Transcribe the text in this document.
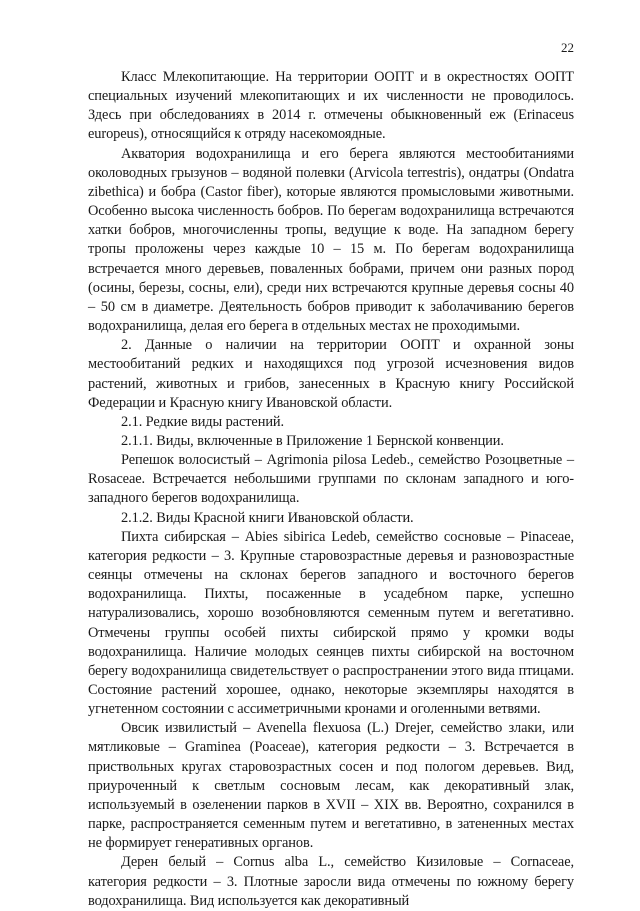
22

Класс Млекопитающие. На территории ООПТ и в окрестностях ООПТ специальных изучений млекопитающих и их численности не проводилось. Здесь при обследованиях в 2014 г. отмечены обыкновенный еж (Erinaceus europeus), относящийся к отряду насекомоядные.

Акватория водохранилища и его берега являются местообитаниями околоводных грызунов – водяной полевки (Arvicola terrestris), ондатры (Ondatra zibethica) и бобра (Castor fiber), которые являются промысловыми животными. Особенно высока численность бобров. По берегам водохранилища встречаются хатки бобров, многочисленны тропы, ведущие к воде. На западном берегу тропы проложены через каждые 10 – 15 м. По берегам водохранилища встречается много деревьев, поваленных бобрами, причем они разных пород (осины, березы, сосны, ели), среди них встречаются крупные деревья сосны 40 – 50 см в диаметре. Деятельность бобров приводит к заболачиванию берегов водохранилища, делая его берега в отдельных местах не проходимыми.

2. Данные о наличии на территории ООПТ и охранной зоны местообитаний редких и находящихся под угрозой исчезновения видов растений, животных и грибов, занесенных в Красную книгу Российской Федерации и Красную книгу Ивановской области.

2.1. Редкие виды растений.

2.1.1. Виды, включенные в Приложение 1 Бернской конвенции.

Репешок волосистый – Agrimonia pilosa Ledeb., семейство Розоцветные – Rosaceae. Встречается небольшими группами по склонам западного и юго-западного берегов водохранилища.

2.1.2. Виды Красной книги Ивановской области.

Пихта сибирская – Abies sibirica Ledeb, семейство сосновые – Pinaceae, категория редкости – 3. Крупные старовозрастные деревья и разновозрастные сеянцы отмечены на склонах берегов западного и восточного берегов водохранилища. Пихты, посаженные в усадебном парке, успешно натурализовались, хорошо возобновляются семенным путем и вегетативно. Отмечены группы особей пихты сибирской прямо у кромки воды водохранилища. Наличие молодых сеянцев пихты сибирской на восточном берегу водохранилища свидетельствует о распространении этого вида птицами. Состояние растений хорошее, однако, некоторые экземпляры находятся в угнетенном состоянии с ассиметричными кронами и оголенными ветвями.

Овсик извилистый – Avenella flexuosa (L.) Drejer, семейство злаки, или мятликовые – Graminea (Poaceae), категория редкости – 3. Встречается в приствольных кругах старовозрастных сосен и под пологом деревьев. Вид, приуроченный к светлым сосновым лесам, как декоративный злак, используемый в озеленении парков в XVII – XIX вв. Вероятно, сохранился в парке, распространяется семенным путем и вегетативно, в затененных местах не формирует генеративных органов.

Дерен белый – Cornus alba L., семейство Кизиловые – Cornaceae, категория редкости – 3. Плотные заросли вида отмечены по южному берегу водохранилища. Вид используется как декоративный
